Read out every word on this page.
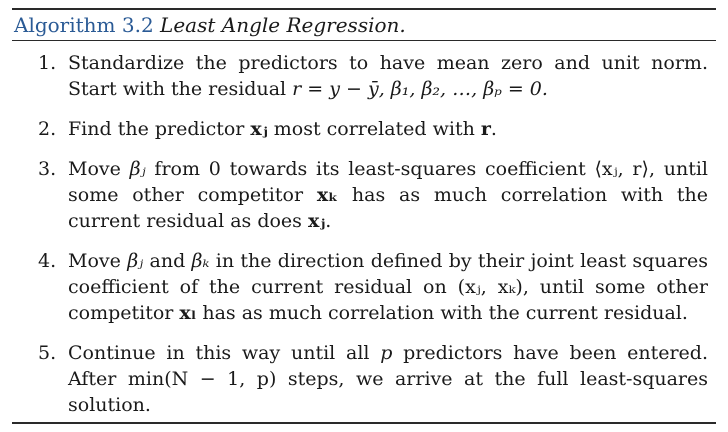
Algorithm 3.2 Least Angle Regression.
1. Standardize the predictors to have mean zero and unit norm. Start with the residual r = y − ȳ, β₁, β₂, …, βₚ = 0.
2. Find the predictor xⱼ most correlated with r.
3. Move βⱼ from 0 towards its least-squares coefficient ⟨xⱼ, r⟩, until some other competitor xₖ has as much correlation with the current residual as does xⱼ.
4. Move βⱼ and βₖ in the direction defined by their joint least squares coefficient of the current residual on (xⱼ, xₖ), until some other competitor xₗ has as much correlation with the current residual.
5. Continue in this way until all p predictors have been entered. After min(N − 1, p) steps, we arrive at the full least-squares solution.
